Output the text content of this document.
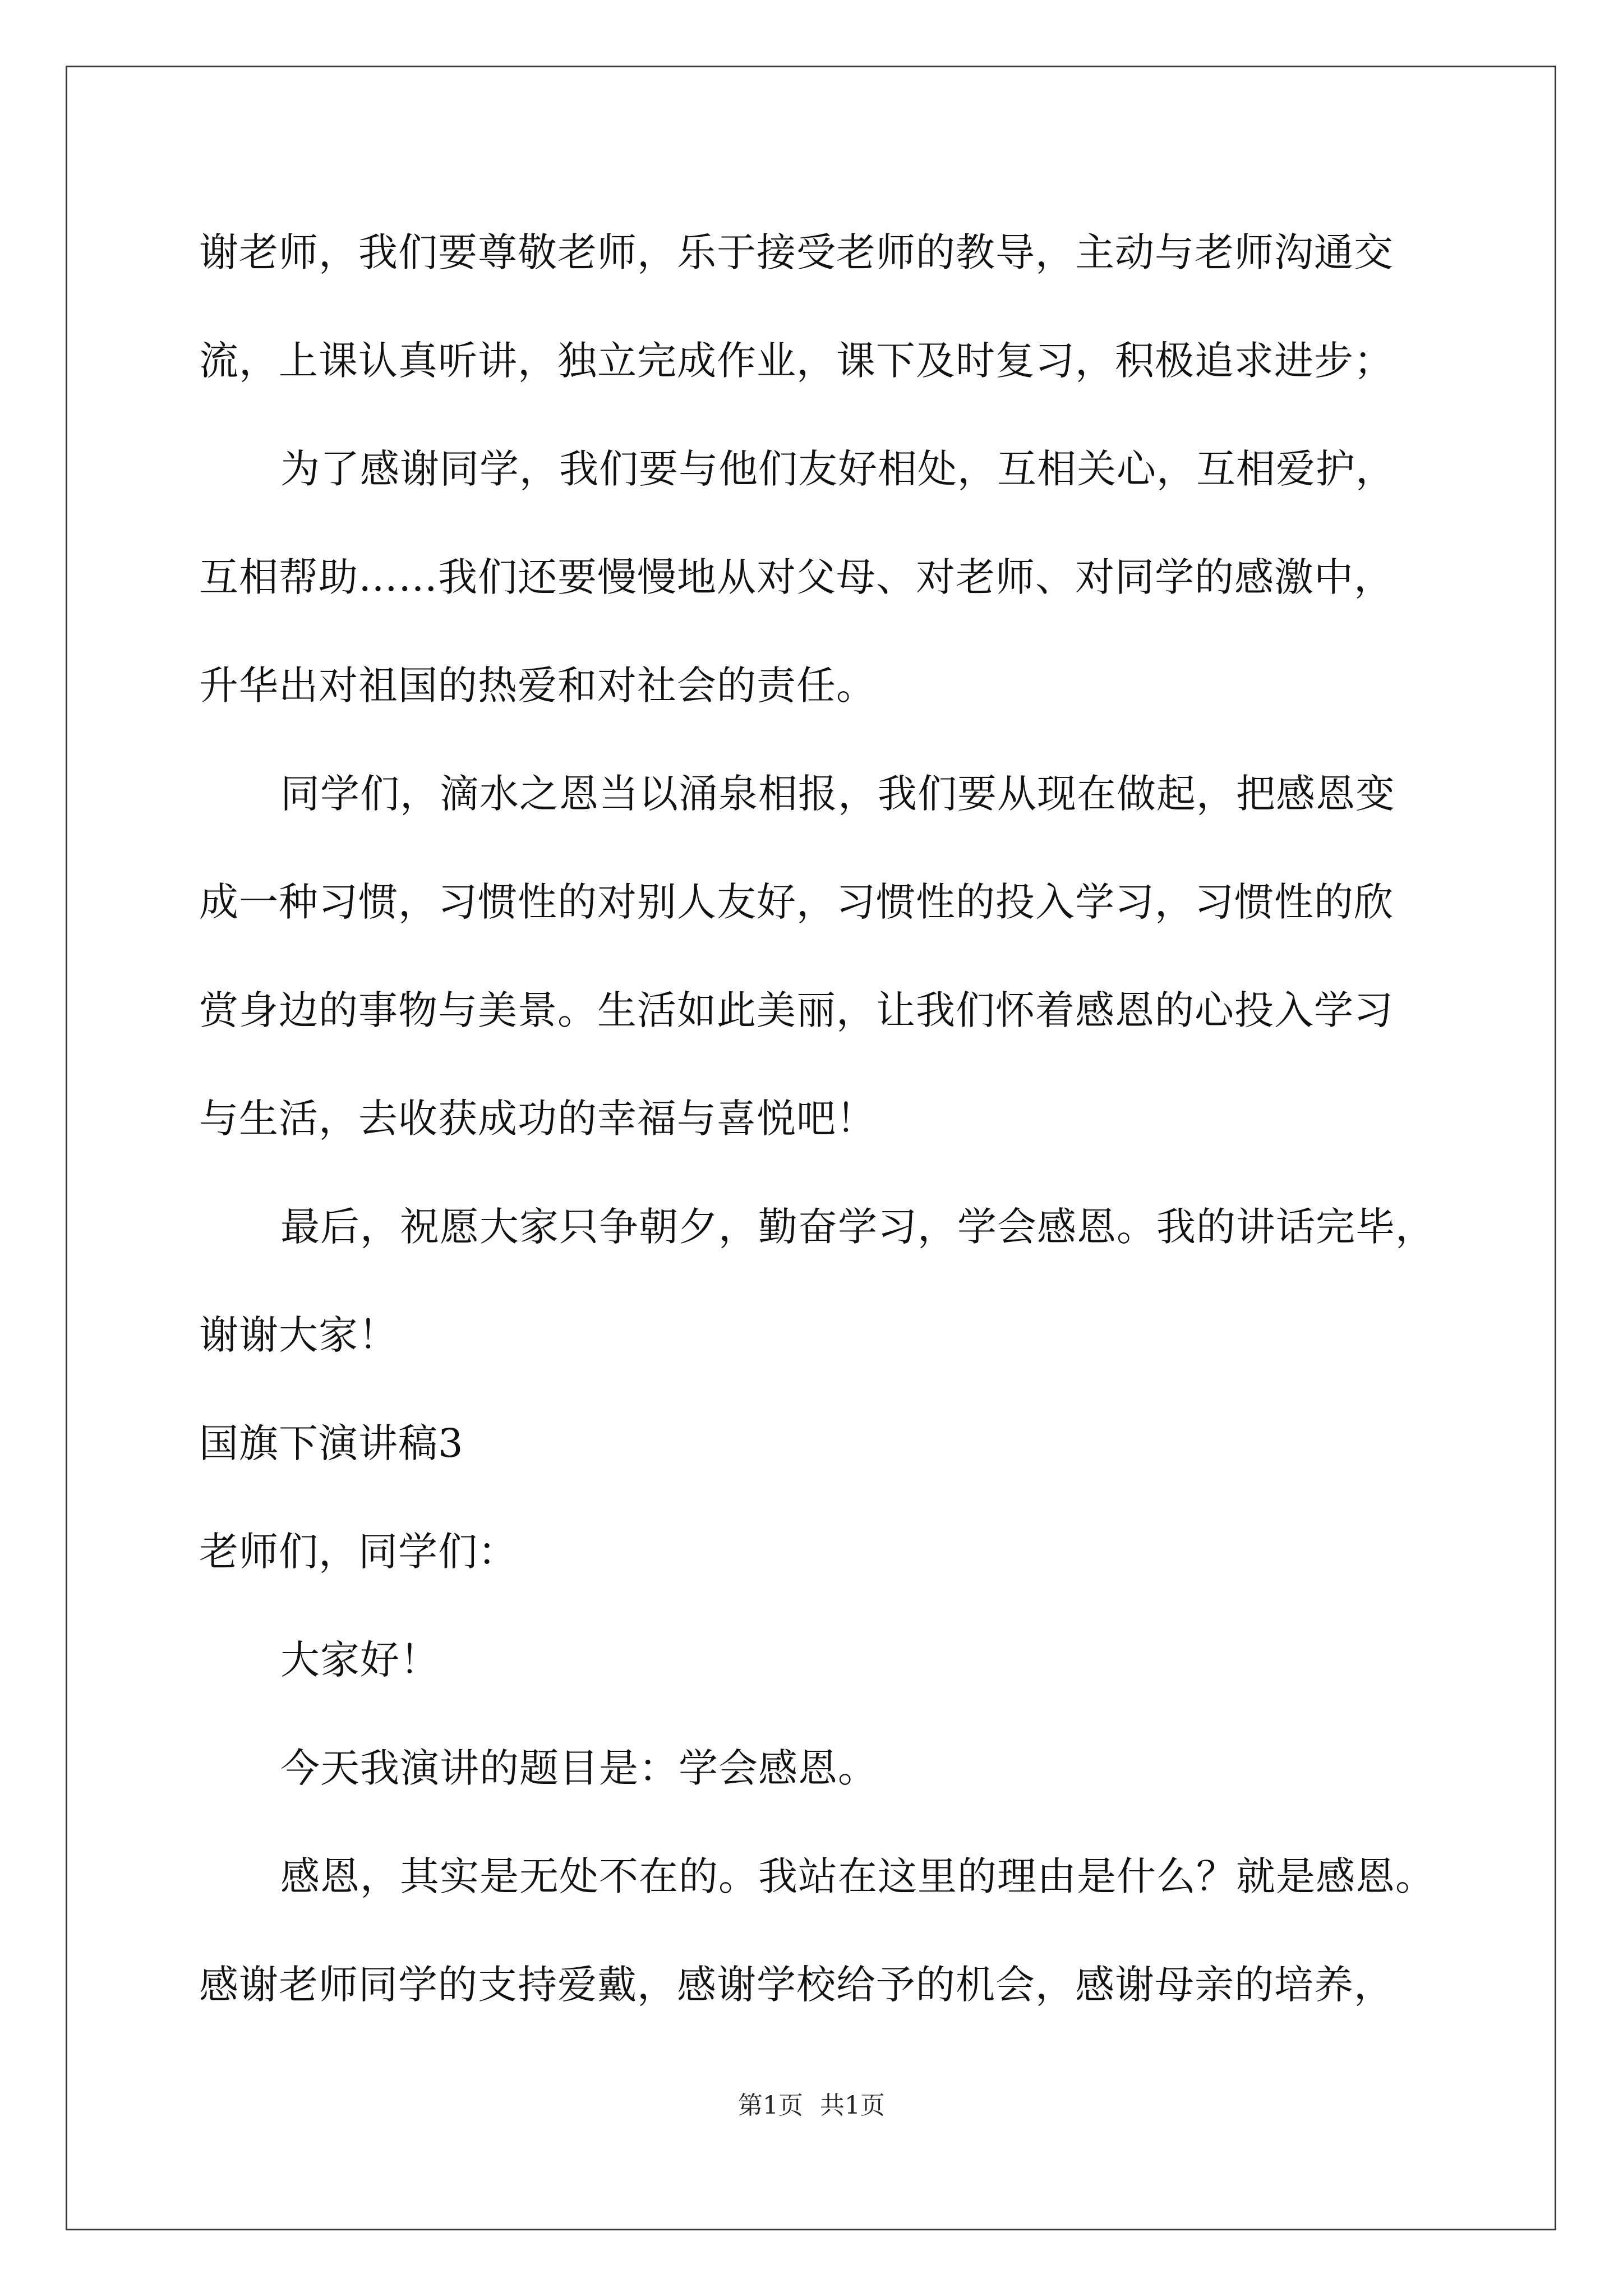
谢老师，我们要尊敬老师，乐于接受老师的教导，主动与老师沟通交
流，上课认真听讲，独立完成作业，课下及时复习，积极追求进步；
为了感谢同学，我们要与他们友好相处，互相关心，互相爱护，
互相帮助……我们还要慢慢地从对父母、对老师、对同学的感激中，
升华出对祖国的热爱和对社会的责任。
同学们，滴水之恩当以涌泉相报，我们要从现在做起，把感恩变
成一种习惯，习惯性的对别人友好，习惯性的投入学习，习惯性的欣
赏身边的事物与美景。生活如此美丽，让我们怀着感恩的心投入学习
与生活，去收获成功的幸福与喜悦吧！
最后，祝愿大家只争朝夕，勤奋学习，学会感恩。我的讲话完毕，
谢谢大家！
国旗下演讲稿3
老师们，同学们：
大家好！
今天我演讲的题目是：学会感恩。
感恩，其实是无处不在的。我站在这里的理由是什么？就是感恩。
感谢老师同学的支持爱戴，感谢学校给予的机会，感谢母亲的培养，
第1页 共1页
